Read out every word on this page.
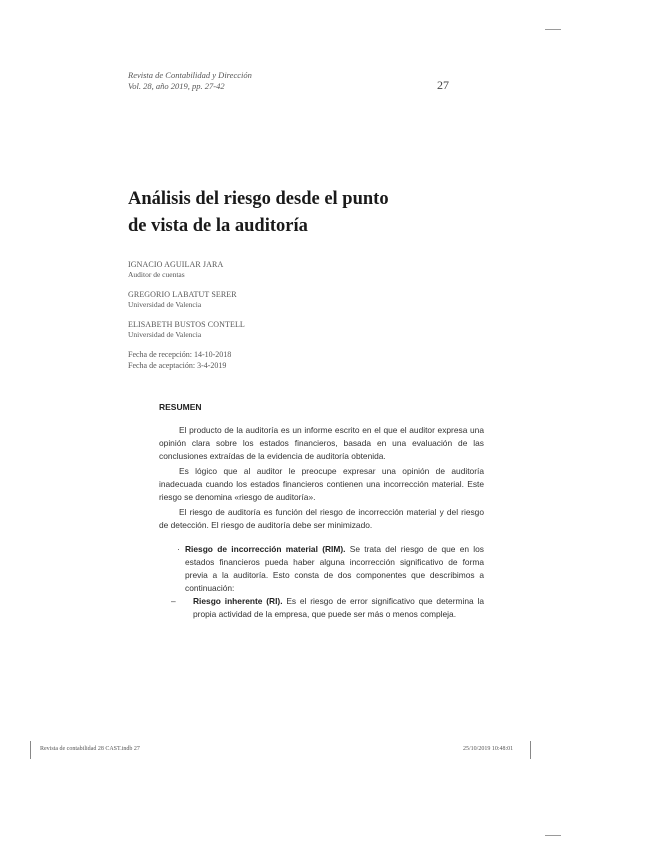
Revista de Contabilidad y Dirección
Vol. 28, año 2019, pp. 27-42	27
Análisis del riesgo desde el punto
de vista de la auditoría
IGNACIO AGUILAR JARA
Auditor de cuentas
GREGORIO LABATUT SERER
Universidad de Valencia
ELISABETH BUSTOS CONTELL
Universidad de Valencia
Fecha de recepción: 14-10-2018
Fecha de aceptación: 3-4-2019
RESUMEN

El producto de la auditoría es un informe escrito en el que el auditor expresa una opinión clara sobre los estados financieros, basada en una evaluación de las conclusiones extraídas de la evidencia de auditoría obtenida.

Es lógico que al auditor le preocupe expresar una opinión de auditoría inadecuada cuando los estados financieros contienen una incorrección material. Este riesgo se denomina «riesgo de auditoría».

El riesgo de auditoría es función del riesgo de incorrección material y del riesgo de detección. El riesgo de auditoría debe ser minimizado.

· Riesgo de incorrección material (RIM). Se trata del riesgo de que en los estados financieros pueda haber alguna incorrección significativo de forma previa a la auditoría. Esto consta de dos componentes que describimos a continuación:
– Riesgo inherente (RI). Es el riesgo de error significativo que determina la propia actividad de la empresa, que puede ser más o menos compleja.
Revista de contabilidad 28 CAST.indb 27	25/10/2019 10:48:01
